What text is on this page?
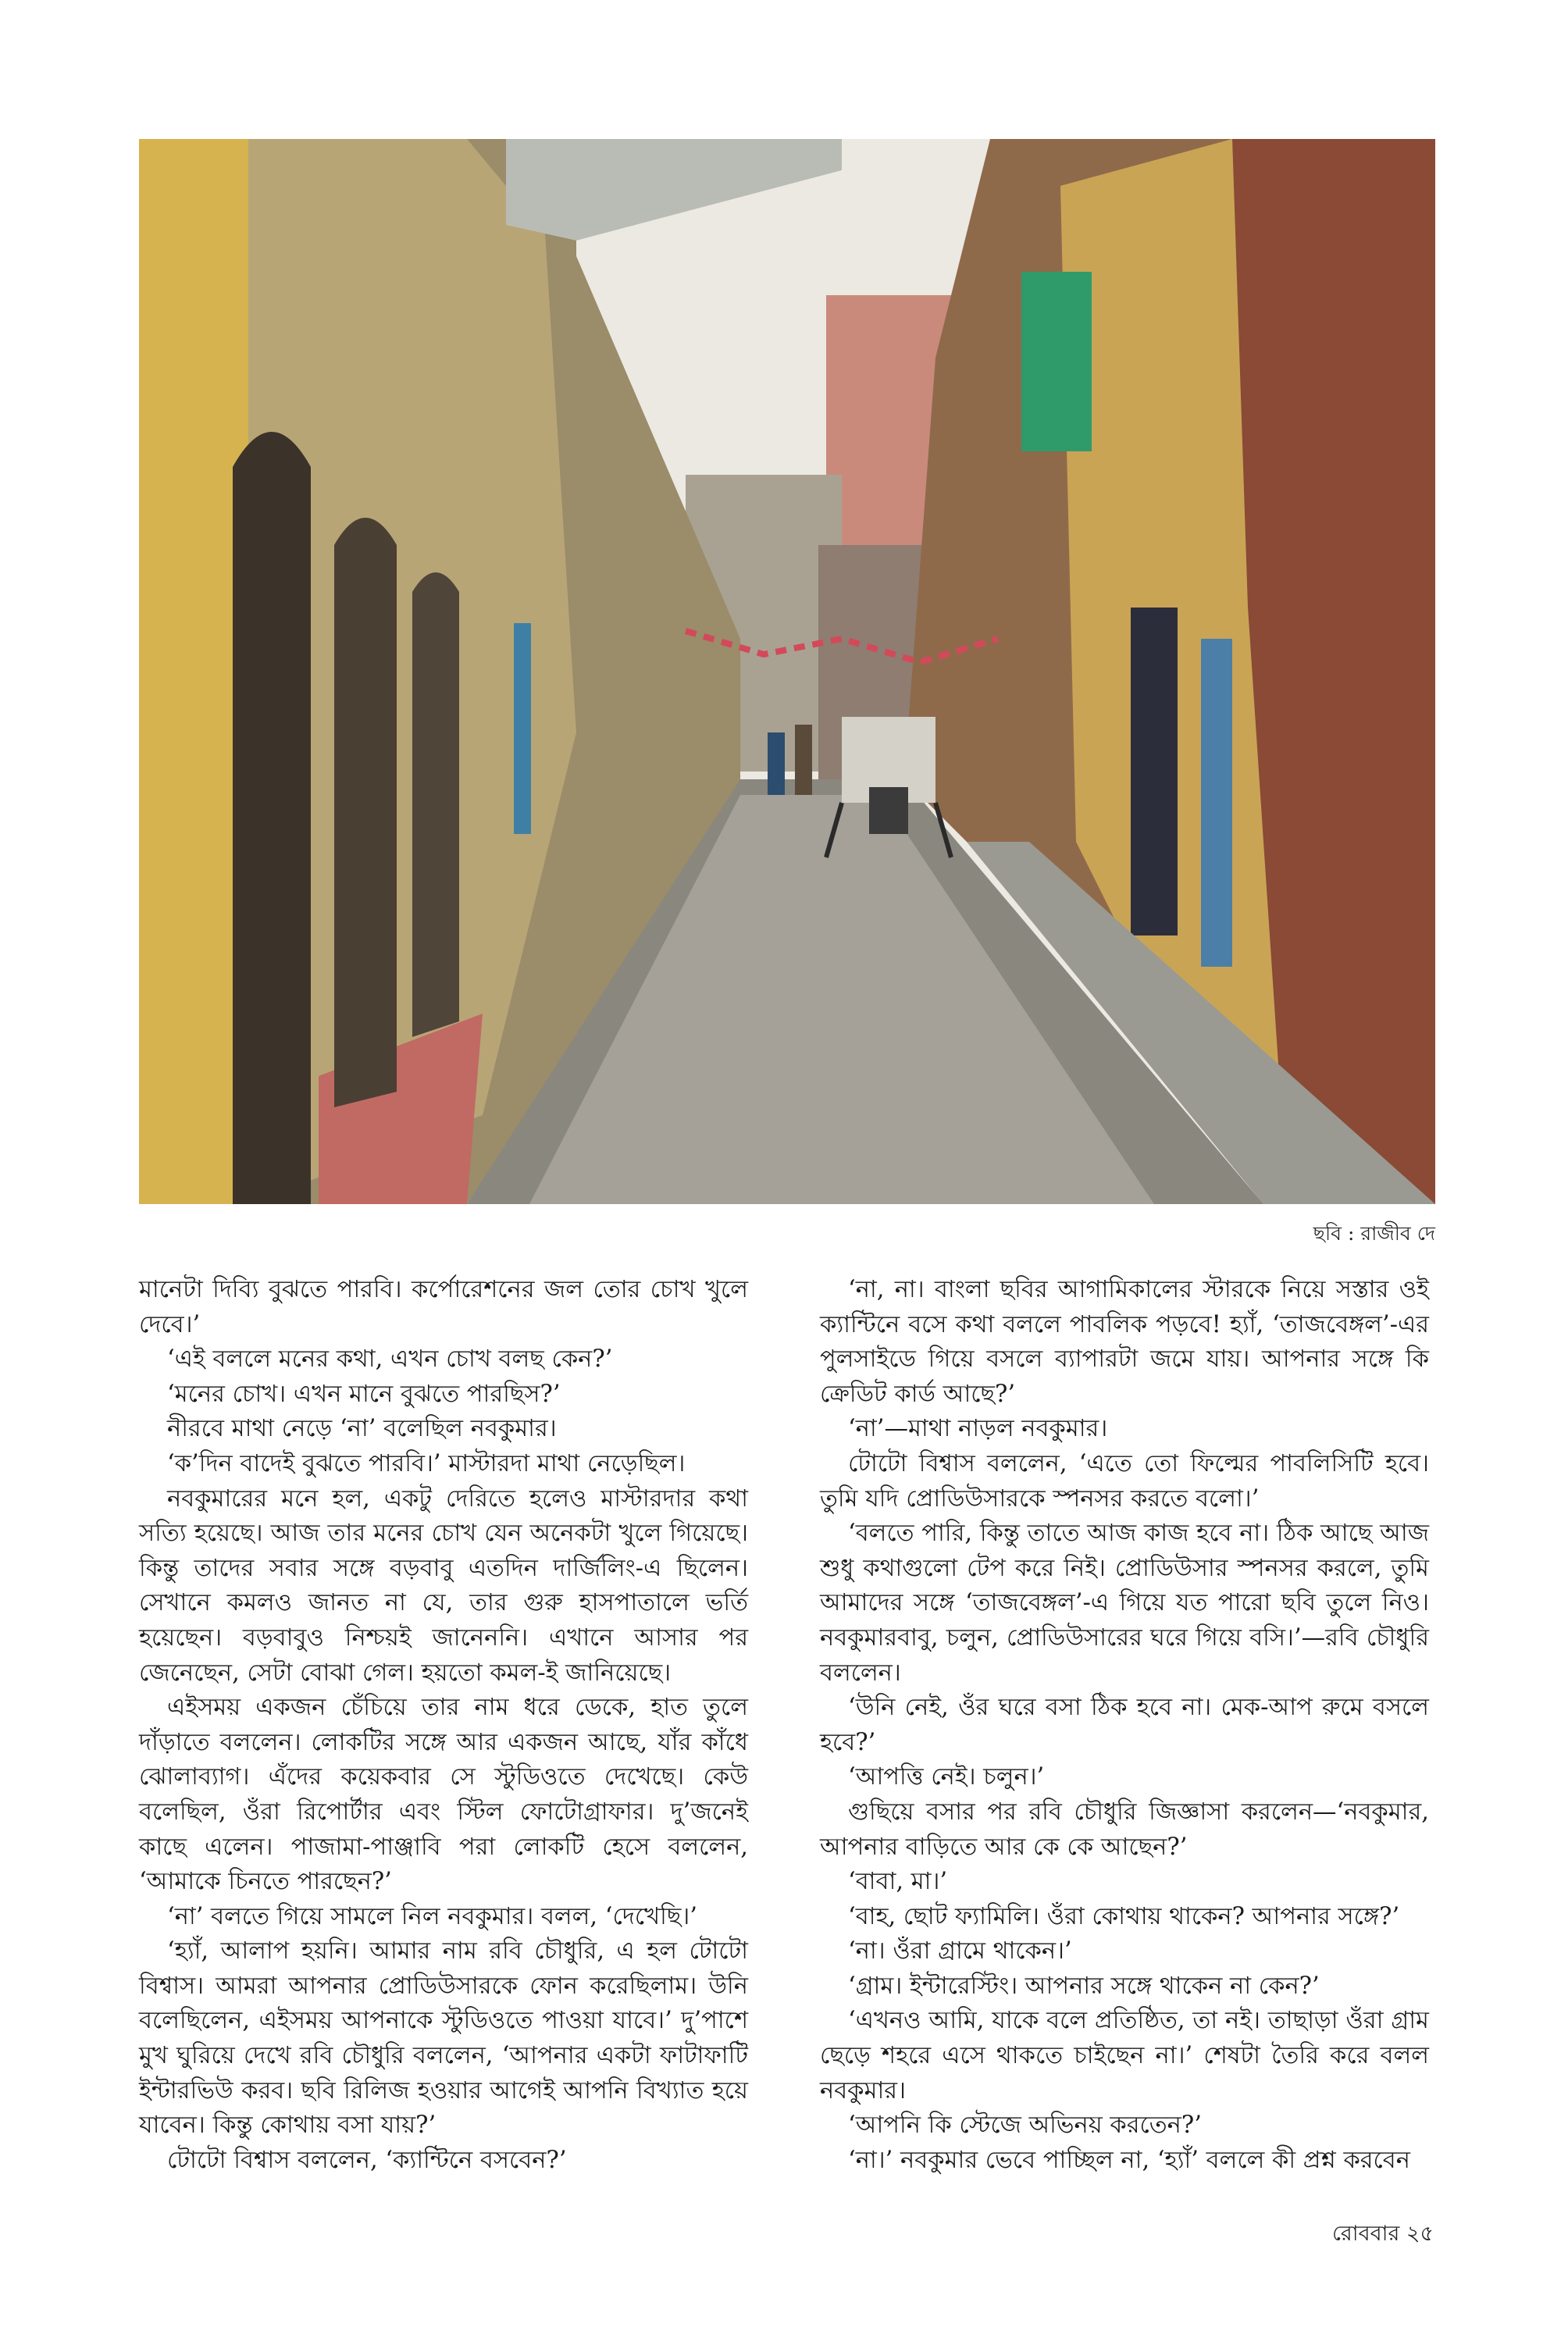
ছবি : রাজীব দে

মানেটা দিব্যি বুঝতে পারবি। কর্পোরেশনের জল তোর চোখ খুলে দেবে।’

‘এই বললে মনের কথা, এখন চোখ বলছ কেন?’

‘মনের চোখ। এখন মানে বুঝতে পারছিস?’

নীরবে মাথা নেড়ে ‘না’ বলেছিল নবকুমার।

‘ক’দিন বাদেই বুঝতে পারবি।’ মাস্টারদা মাথা নেড়েছিল।

নবকুমারের মনে হল, একটু দেরিতে হলেও মাস্টারদার কথা সত্যি হয়েছে। আজ তার মনের চোখ যেন অনেকটা খুলে গিয়েছে। কিন্তু তাদের সবার সঙ্গে বড়বাবু এতদিন দার্জিলিং-এ ছিলেন। সেখানে কমলও জানত না যে, তার গুরু হাসপাতালে ভর্তি হয়েছেন। বড়বাবুও নিশ্চয়ই জানেননি। এখানে আসার পর জেনেছেন, সেটা বোঝা গেল। হয়তো কমল-ই জানিয়েছে।

এইসময় একজন চেঁচিয়ে তার নাম ধরে ডেকে, হাত তুলে দাঁড়াতে বললেন। লোকটির সঙ্গে আর একজন আছে, যাঁর কাঁধে ঝোলাব্যাগ। এঁদের কয়েকবার সে স্টুডিওতে দেখেছে। কেউ বলেছিল, ওঁরা রিপোর্টার এবং স্টিল ফোটোগ্রাফার। দু’জনেই কাছে এলেন। পাজামা-পাঞ্জাবি পরা লোকটি হেসে বললেন, ‘আমাকে চিনতে পারছেন?’

‘না’ বলতে গিয়ে সামলে নিল নবকুমার। বলল, ‘দেখেছি।’

‘হ্যাঁ, আলাপ হয়নি। আমার নাম রবি চৌধুরি, এ হল টোটো বিশ্বাস। আমরা আপনার প্রোডিউসারকে ফোন করেছিলাম। উনি বলেছিলেন, এইসময় আপনাকে স্টুডিওতে পাওয়া যাবে।’ দু’পাশে মুখ ঘুরিয়ে দেখে রবি চৌধুরি বললেন, ‘আপনার একটা ফাটাফাটি ইন্টারভিউ করব। ছবি রিলিজ হওয়ার আগেই আপনি বিখ্যাত হয়ে যাবেন। কিন্তু কোথায় বসা যায়?’

টোটো বিশ্বাস বললেন, ‘ক্যান্টিনে বসবেন?’

‘না, না। বাংলা ছবির আগামিকালের স্টারকে নিয়ে সস্তার ওই ক্যান্টিনে বসে কথা বললে পাবলিক পড়বে! হ্যাঁ, ‘তাজবেঙ্গল’-এর পুলসাইডে গিয়ে বসলে ব্যাপারটা জমে যায়। আপনার সঙ্গে কি ক্রেডিট কার্ড আছে?’

‘না’—মাথা নাড়ল নবকুমার।

টোটো বিশ্বাস বললেন, ‘এতে তো ফিল্মের পাবলিসিটি হবে। তুমি যদি প্রোডিউসারকে স্পনসর করতে বলো।’

‘বলতে পারি, কিন্তু তাতে আজ কাজ হবে না। ঠিক আছে আজ শুধু কথাগুলো টেপ করে নিই। প্রোডিউসার স্পনসর করলে, তুমি আমাদের সঙ্গে ‘তাজবেঙ্গল’-এ গিয়ে যত পারো ছবি তুলে নিও। নবকুমারবাবু, চলুন, প্রোডিউসারের ঘরে গিয়ে বসি।’—রবি চৌধুরি বললেন।

‘উনি নেই, ওঁর ঘরে বসা ঠিক হবে না। মেক-আপ রুমে বসলে হবে?’

‘আপত্তি নেই। চলুন।’

গুছিয়ে বসার পর রবি চৌধুরি জিজ্ঞাসা করলেন—‘নবকুমার, আপনার বাড়িতে আর কে কে আছেন?’

‘বাবা, মা।’

‘বাহ, ছোট ফ্যামিলি। ওঁরা কোথায় থাকেন? আপনার সঙ্গে?’

‘না। ওঁরা গ্রামে থাকেন।’

‘গ্রাম। ইন্টারেস্টিং। আপনার সঙ্গে থাকেন না কেন?’

‘এখনও আমি, যাকে বলে প্রতিষ্ঠিত, তা নই। তাছাড়া ওঁরা গ্রাম ছেড়ে শহরে এসে থাকতে চাইছেন না।’ শেষটা তৈরি করে বলল নবকুমার।

‘আপনি কি স্টেজে অভিনয় করতেন?’

‘না।’ নবকুমার ভেবে পাচ্ছিল না, ‘হ্যাঁ’ বললে কী প্রশ্ন করবেন

রোববার ২৫
